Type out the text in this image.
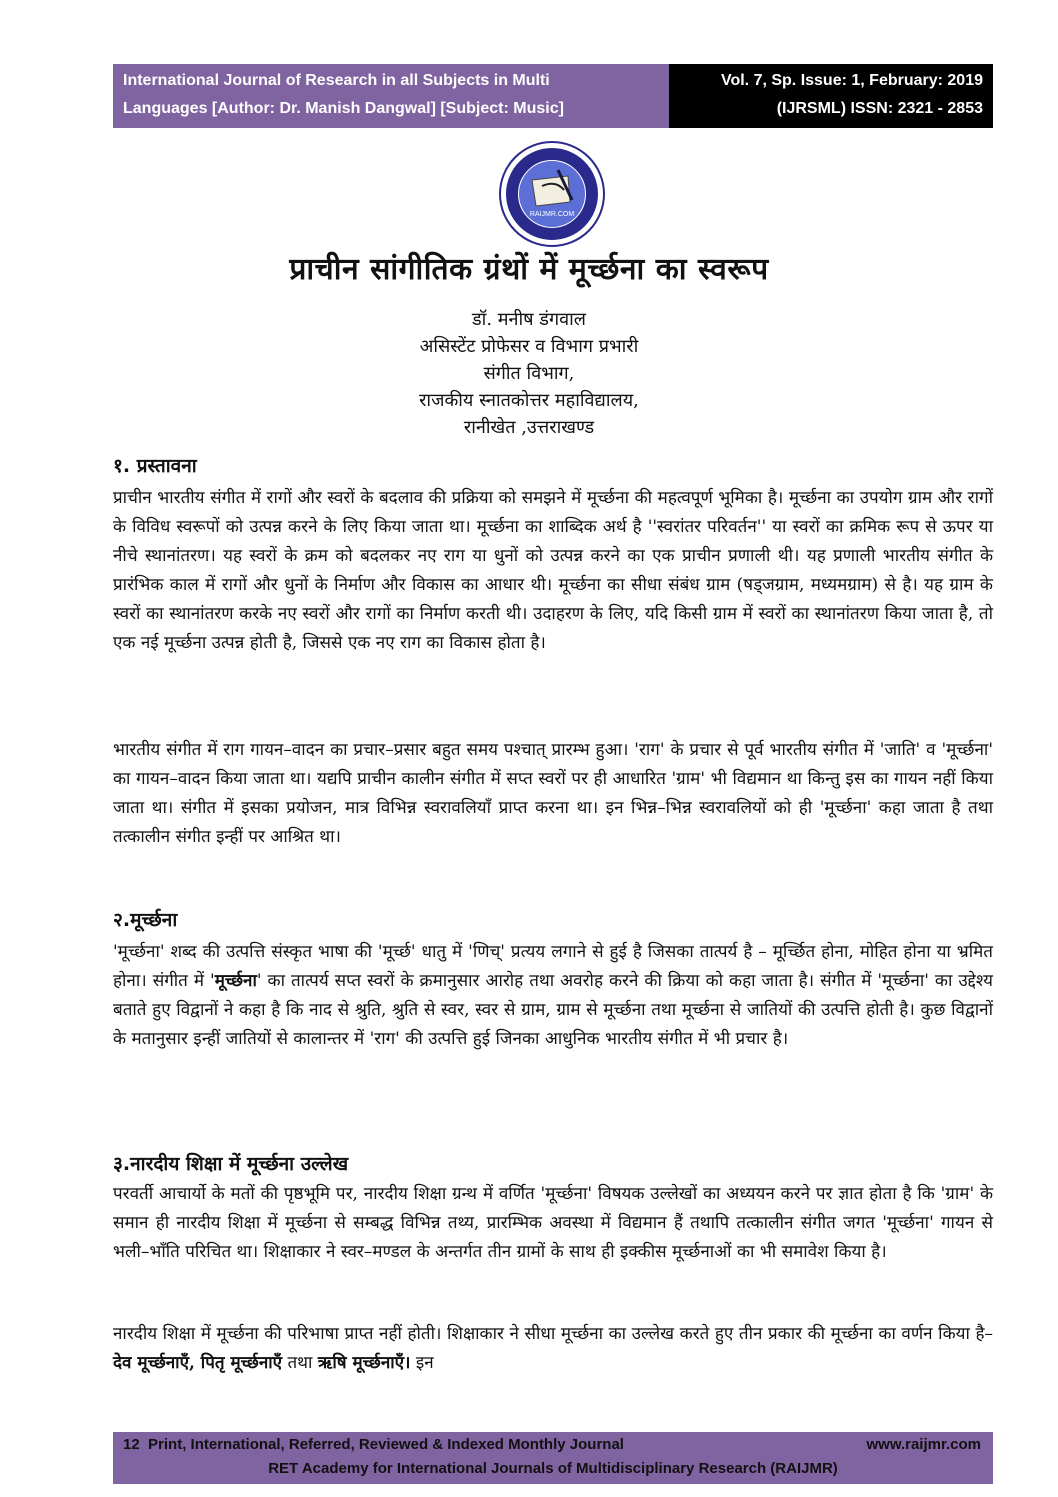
International Journal of Research in all Subjects in Multi
Languages [Author: Dr. Manish Dangwal] [Subject: Music]
Vol. 7, Sp. Issue: 1, February: 2019
(IJRSML) ISSN: 2321 - 2853
RAIJMR.COM
प्राचीन सांगीतिक ग्रंथों में मूर्च्छना का स्वरूप
डॉ. मनीष डंगवाल
असिस्टेंट प्रोफेसर व विभाग प्रभारी
संगीत विभाग,
राजकीय स्नातकोत्तर महाविद्यालय,
रानीखेत ,उत्तराखण्ड
१. प्रस्तावना

प्राचीन भारतीय संगीत में रागों और स्वरों के बदलाव की प्रक्रिया को समझने में मूर्च्छना की महत्वपूर्ण भूमिका है। मूर्च्छना का उपयोग ग्राम और रागों के विविध स्वरूपों को उत्पन्न करने के लिए किया जाता था। मूर्च्छना का शाब्दिक अर्थ है ''स्वरांतर परिवर्तन'' या स्वरों का क्रमिक रूप से ऊपर या नीचे स्थानांतरण। यह स्वरों के क्रम को बदलकर नए राग या धुनों को उत्पन्न करने का एक प्राचीन प्रणाली थी। यह प्रणाली भारतीय संगीत के प्रारंभिक काल में रागों और धुनों के निर्माण और विकास का आधार थी। मूर्च्छना का सीधा संबंध ग्राम (षड्जग्राम, मध्यमग्राम) से है। यह ग्राम के स्वरों का स्थानांतरण करके नए स्वरों और रागों का निर्माण करती थी। उदाहरण के लिए, यदि किसी ग्राम में स्वरों का स्थानांतरण किया जाता है, तो एक नई मूर्च्छना उत्पन्न होती है, जिससे एक नए राग का विकास होता है।

भारतीय संगीत में राग गायन–वादन का प्रचार–प्रसार बहुत समय पश्चात् प्रारम्भ हुआ। 'राग' के प्रचार से पूर्व भारतीय संगीत में 'जाति' व 'मूर्च्छना' का गायन–वादन किया जाता था। यद्यपि प्राचीन कालीन संगीत में सप्त स्वरों पर ही आधारित 'ग्राम' भी विद्यमान था किन्तु इस का गायन नहीं किया जाता था। संगीत में इसका प्रयोजन, मात्र विभिन्न स्वरावलियाँ प्राप्त करना था। इन भिन्न–भिन्न स्वरावलियों को ही 'मूर्च्छना' कहा जाता है तथा तत्कालीन संगीत इन्हीं पर आश्रित था।

२.मूर्च्छना

'मूर्च्छना' शब्द की उत्पत्ति संस्कृत भाषा की 'मूर्च्छ' धातु में 'णिच्' प्रत्यय लगाने से हुई है जिसका तात्पर्य है – मूर्च्छित होना, मोहित होना या भ्रमित होना। संगीत में 'मूर्च्छना' का तात्पर्य सप्त स्वरों के क्रमानुसार आरोह तथा अवरोह करने की क्रिया को कहा जाता है। संगीत में 'मूर्च्छना' का उद्देश्य बताते हुए विद्वानों ने कहा है कि नाद से श्रुति, श्रुति से स्वर, स्वर से ग्राम, ग्राम से मूर्च्छना तथा मूर्च्छना से जातियों की उत्पत्ति होती है। कुछ विद्वानों के मतानुसार इन्हीं जातियों से कालान्तर में 'राग' की उत्पत्ति हुई जिनका आधुनिक भारतीय संगीत में भी प्रचार है।

३.नारदीय शिक्षा में मूर्च्छना उल्लेख

परवर्ती आचार्यो के मतों की पृष्ठभूमि पर, नारदीय शिक्षा ग्रन्थ में वर्णित 'मूर्च्छना' विषयक उल्लेखों का अध्ययन करने पर ज्ञात होता है कि 'ग्राम' के समान ही नारदीय शिक्षा में मूर्च्छना से सम्बद्ध विभिन्न तथ्य, प्रारम्भिक अवस्था में विद्यमान हैं तथापि तत्कालीन संगीत जगत 'मूर्च्छना' गायन से भली–भाँति परिचित था। शिक्षाकार ने स्वर–मण्डल के अन्तर्गत तीन ग्रामों के साथ ही इक्कीस मूर्च्छनाओं का भी समावेश किया है।

नारदीय शिक्षा में मूर्च्छना की परिभाषा प्राप्त नहीं होती। शिक्षाकार ने सीधा मूर्च्छना का उल्लेख करते हुए तीन प्रकार की मूर्च्छना का वर्णन किया है– देव मूर्च्छनाएँ, पितृ मूर्च्छनाएँ तथा ऋषि मूर्च्छनाएँ। इन

12 Print, International, Referred, Reviewed & Indexed Monthly Journal	www.raijmr.com
RET Academy for International Journals of Multidisciplinary Research (RAIJMR)
